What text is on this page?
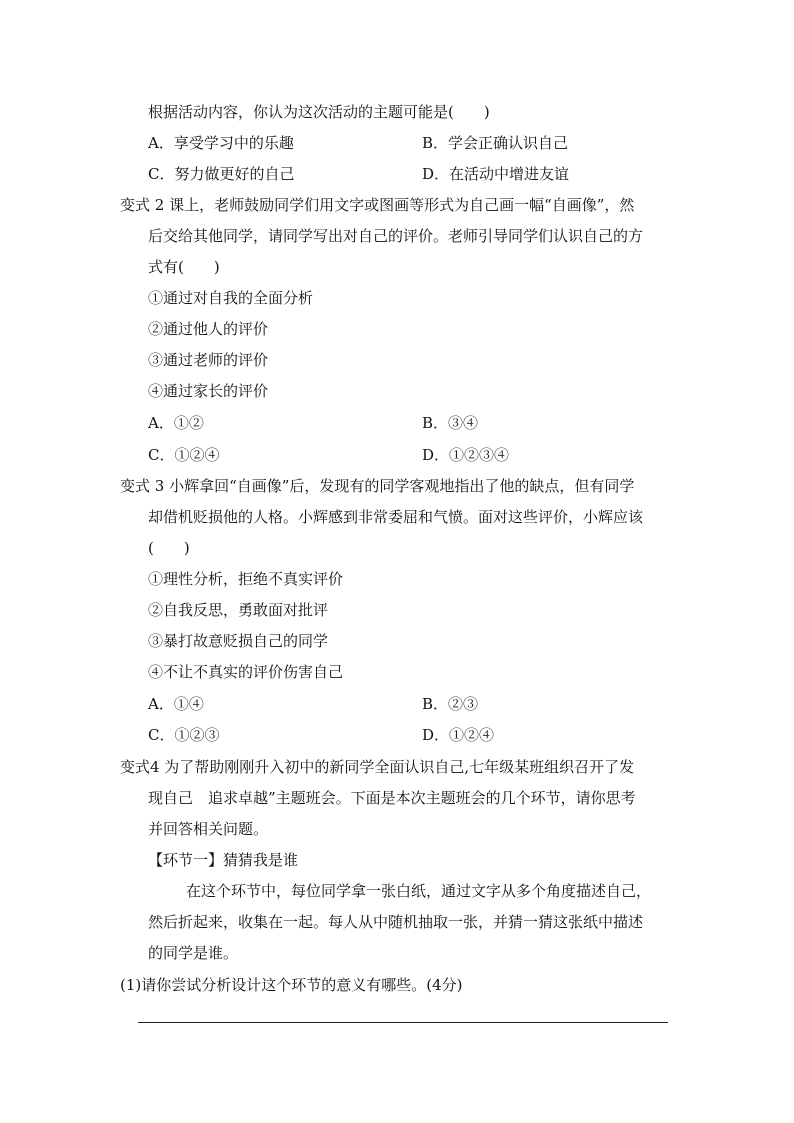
根据活动内容，你认为这次活动的主题可能是(　　)
A．享受学习中的乐趣	B．学会正确认识自己
C．努力做更好的自己	D．在活动中增进友谊
变式 2 课上，老师鼓励同学们用文字或图画等形式为自己画一幅“自画像”，然
后交给其他同学，请同学写出对自己的评价。老师引导同学们认识自己的方
式有(　　)
①通过对自我的全面分析
②通过他人的评价
③通过老师的评价
④通过家长的评价
A．①②	B．③④
C．①②④	D．①②③④
变式 3 小辉拿回“自画像”后，发现有的同学客观地指出了他的缺点，但有同学
却借机贬损他的人格。小辉感到非常委屈和气愤。面对这些评价，小辉应该
(　　)
①理性分析，拒绝不真实评价
②自我反思，勇敢面对批评
③暴打故意贬损自己的同学
④不让不真实的评价伤害自己
A．①④	B．②③
C．①②③	D．①②④
变式4 为了帮助刚刚升入初中的新同学全面认识自己,七年级某班组织召开了发
现自己　追求卓越”主题班会。下面是本次主题班会的几个环节，请你思考
并回答相关问题。
【环节一】猜猜我是谁
在这个环节中，每位同学拿一张白纸，通过文字从多个角度描述自己，
然后折起来，收集在一起。每人从中随机抽取一张，并猜一猜这张纸中描述
的同学是谁。
(1)请你尝试分析设计这个环节的意义有哪些。(4分)
